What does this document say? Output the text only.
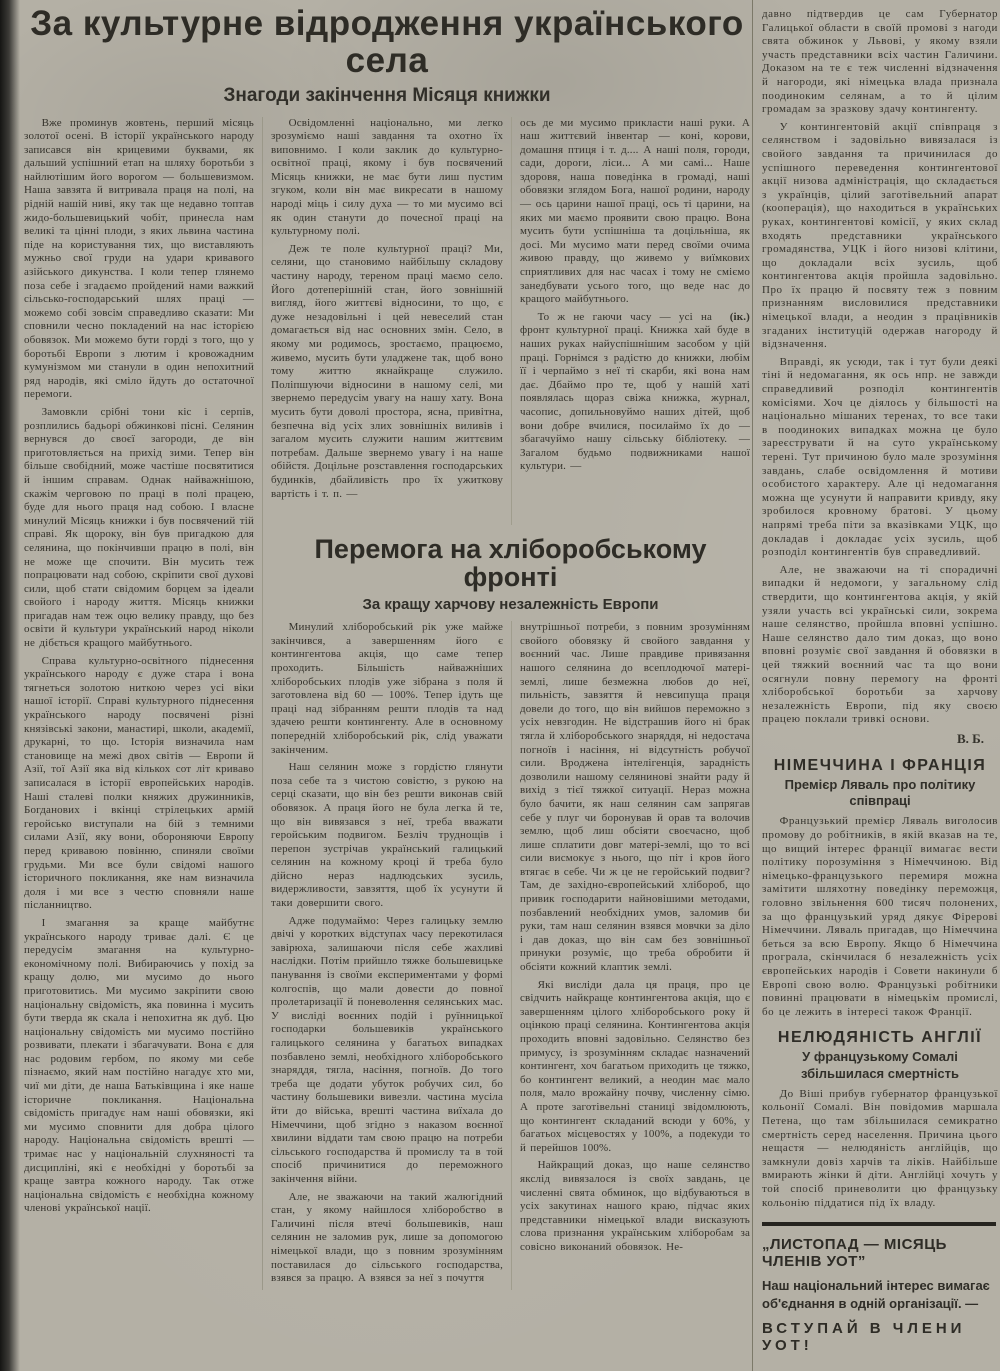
За культурне відродження українського села
Знагоди закінчення Місяця книжки

Вже проминув жовтень, перший місяць золотої осені. В історії українського народу записався він крицевими буквами, як дальший успішний етап на шляху боротьби з найлютішим його ворогом — большевизмом. Наша завзята й витривала праця на полі, на рідній нашій ниві, яку так ще недавно топтав жидо-большевицький чобіт, принесла нам великі та цінні плоди, з яких львина частина піде на користування тих, що виставляють мужньо свої груди на удари кривавого азійського дикунства. І коли тепер глянемо поза себе і згадаємо пройдений нами важкий сільсько-господарський шлях праці — можемо собі зовсім справедливо сказати: Ми сповнили чесно покладений на нас історією обовязок. Ми можемо бути горді з того, що у боротьбі Европи з лютим і кровожадним кумунізмом ми станули в один непохитний ряд народів, які сміло йдуть до остаточної перемоги.

Замовкли срібні тони кіс і серпів, розплились бадьорі обжинкові пісні. Селянин вернувся до своєї загороди, де він приготовляється на прихід зими. Тепер він більше свобідний, може частіше посвятитися й іншим справам. Однак найважнішою, скажім черговою по праці в полі працею, буде для нього праця над собою. І власне минулий Місяць книжки і був посвячений тій справі. Як щороку, він був пригадкою для селянина, що покінчивши працю в полі, він не може ще спочити. Він мусить теж попрацювати над собою, скріпити свої духові сили, щоб стати свідомим борцем за ідеали свойого і народу життя. Місяць книжки пригадав нам теж оцю велику правду, що без освіти й культури український народ ніколи не дібється кращого майбутнього.

Справа культурно-освітного піднесення українського народу є дуже стара і вона тягнеться золотою ниткою через усі віки нашої історії. Справі культурного піднесення українського народу посвячені різні князівські закони, манастирі, школи, академії, друкарні, то що. Історія визначила нам становище на межі двох світів — Европи й Азії, тої Азії яка від кількох сот літ криваво записалася в історії европейських народів. Наші сталеві полки княжих дружинників, Богданових і вкінці стрілецьких армій геройсько виступали на бій з темними силами Азії, яку вони, обороняючи Европу перед кривавою повінню, спиняли своїми грудьми. Ми все були свідомі нашого історичного покликання, яке нам визначила доля і ми все з честю сповняли наше післанництво.

І змагання за краще майбутнє українського народу триває далі. Є це передусім змагання на культурно-економічному полі. Вибираючись у похід за кращу долю, ми мусимо до нього приготовитись. Ми мусимо закріпити свою національну свідомість, яка повинна і мусить бути тверда як скала і непохитна як дуб. Цю національну свідомість ми мусимо постійно розвивати, плекати і збагачувати. Вона є для нас родовим гербом, по якому ми себе пізнаємо, який нам постійно нагадує хто ми, чиї ми діти, де наша Батьківщина і яке наше історичне покликання. Національна свідомість пригадує нам наші обовязки, які ми мусимо сповнити для добра цілого народу. Національна свідомість врешті — тримає нас у національній слухняності та дисципліні, які є необхідні у боротьбі за краще завтра кожного народу. Так отже національна свідомість є необхідна кожному членові української нації.

Освідомленні національно, ми легко зрозуміємо наші завдання та охотно їх виповнимо. І коли заклик до культурно-освітної праці, якому і був посвячений Місяць книжки, не має бути лиш пустим згуком, коли він має викресати в нашому народі міць і силу духа — то ми мусимо всі як один станути до почесної праці на культурному полі.

Деж те поле культурної праці? Ми, селяни, що становимо найбільшу складову частину народу, тереном праці маємо село. Його дотеперішній стан, його зовнішній вигляд, його життєві відносини, то що, є дуже незадовільні і цей невеселий стан домагається від нас основних змін. Село, в якому ми родимось, зростаємо, працюємо, живемо, мусить бути уладжене так, щоб воно тому життю якнайкраще служило. Поліпшуючи відносини в нашому селі, ми звернемо передусім увагу на нашу хату. Вона мусить бути доволі простора, ясна, привітна, безпечна від усіх злих зовнішніх виливів і загалом мусить служити нашим життєвим потребам. Дальше звернемо увагу і на наше обійстя. Доцільне розставлення господарських будинків, дбайливість про їх ужиткову вартість і т. п. —

ось де ми мусимо прикласти наші руки. А наш життєвий інвентар — коні, корови, домашня птиця і т. д.... А наші поля, городи, сади, дороги, ліси... А ми самі... Наше здоровя, наша поведінка в громаді, наші обовязки зглядом Бога, нашої родини, народу — ось царини нашої праці, ось ті царини, на яких ми маємо проявити свою працю. Вона мусить бути успішніша та доцільніша, як досі. Ми мусимо мати перед своїми очима живою правду, що живемо у виїмкових сприятливих для нас часах і тому не сміємо занедбувати усього того, що веде нас до кращого майбутнього.

(ік.)
То ж не гаючи часу — усі на фронт культурної праці. Книжка хай буде в наших руках найуспішнішим засобом у цій праці. Горнімся з радістю до книжки, любім її і черпаймо з неї ті скарби, які вона нам дає. Дбаймо про те, щоб у нашій хаті появлялась щораз свіжа книжка, журнал, часопис, допильновуймо наших дітей, щоб вони добре вчилися, посилаймо їх до — збагачуймо нашу сільську бібліотеку. — Загалом будьмо подвижниками нашої культури. —

Перемога на хліборобському фронті
За кращу харчову незалежність Европи

Минулий хліборобський рік уже майже закінчився, а завершенням його є контингентова акція, що саме тепер проходить. Більшість найважніших хліборобських плодів уже зібрана з поля й заготовлена від 60 — 100%. Тепер ідуть ще праці над зібранням решти плодів та над здачею решти контингенту. Але в основному попередній хліборобський рік, слід уважати закінченим.

Наш селянин може з гордістю глянути поза себе та з чистою совістю, з рукою на серці сказати, що він без решти виконав свій обовязок. А праця його не була легка й те, що він вивязався з неї, треба вважати геройським подвигом. Безліч труднощів і перепон зустрічав український галицький селянин на кожному кроці й треба було дійсно нераз надлюдських зусиль, видержливости, завзяття, щоб їх усунути й таки довершити свого.

Адже подумаймо: Через галицьку землю двічі у коротких відступах часу перекотилася завірюха, залишаючи після себе жахливі наслідки. Потім прийшло тяжке большевицьке панування із своїми експериментами у формі колгоспів, що мали довести до повної пролетаризації й поневолення селянських мас. У висліді воєнних подій і руїнницької господарки большевиків українського галицького селянина у багатьох випадках позбавлено землі, необхідного хліборобського знаряддя, тягла, насіння, погноїв. До того треба ще додати убуток робучих сил, бо частину большевики вивезли. частина мусіла йти до війська, врешті частина виїхала до Німеччини, щоб згідно з наказом воєнної хвилини віддати там свою працю на потреби сільського господарства й промислу та в той спосіб причинитися до переможного закінчення війни.

Але, не зважаючи на такий жалюгідний стан, у якому найшлося хліборобство в Галичині після втечі большевиків, наш селянин не заломив рук, лише за допомогою німецької влади, що з повним зрозумінням поставилася до сільського господарства, взявся за працю. А взявся за неї з почуття

внутрішньої потреби, з повним зрозумінням свойого обовязку й свойого завдання у воєнний час. Лише правдиве привязання нашого селянина до всеплодючої матері-землі, лише безмежна любов до неї, пильність, завзяття й невсипуща праця довели до того, що він вийшов переможно з усіх невзгодин. Не відстрашив його ні брак тягла й хліборобського знаряддя, ні недостача погноїв і насіння, ні відсутність робучої сили. Вроджена інтелігенція, зарадність дозволили нашому селянинові знайти раду й вихід з тієї тяжкої ситуації. Нераз можна було бачити, як наш селянин сам запрягав себе у плуг чи боронував й орав та волочив землю, щоб лиш обсіяти своєчасно, щоб лише сплатити довг матері-землі, що то всі сили висмокує з нього, що піт і кров його втягає в себе. Чи ж це не геройський подвиг? Там, де західно-європейський хлібороб, що привик господарити найновішими методами, позбавлений необхідних умов, заломив би руки, там наш селянин взявся мовчки за діло і дав доказ, що він сам без зовнішньої принуки розуміє, що треба обробити й обсіяти кожний клаптик землі.

Які висліди дала ця праця, про це свідчить найкраще контингентова акція, що є завершенням цілого хліборобського року й оцінкою праці селянина. Контингентова акція проходить вповні задовільно. Селянство без примусу, із зрозумінням складає назначений контингент, хоч багатьом приходить це тяжко, бо контингент великий, а неодин має мало поля, мало врожайну почву, численну сімю. А проте заготівельні станиці звідомлюють, що контингент складаний всюди у 60%, у багатьох місцевостях у 100%, а подекуди то й перейшов 100%.

Найкращий доказ, що наше селянство якслід вивязалося із своїх завдань, це численні свята обминок, що відбуваються в усіх закутинах нашого краю, підчас яких представники німецької влади висказують слова признання українським хліборобам за совісно виконаний обовязок. Не-

давно підтвердив це сам Губернатор Галицької области в своїй промові з нагоди свята обжинок у Львові, у якому взяли участь представники всіх частин Галичини. Доказом на те є теж численні відзначення й нагороди, які німецька влада признала поодиноким селянам, а то й цілим громадам за зразкову здачу контингенту.

У контингентовій акції співпраця з селянством і задовільно вивязалася із свойого завдання та причинилася до успішного переведення контингентової акції низова адміністрація, що складається з українців, цілий заготівельний апарат (кооперація), що находиться в українських руках, контингентові комісії, у яких склад входять представники українського громадянства, УЦК і його низові клітини, що докладали всіх зусиль, щоб контингентова акція пройшла задовільно. Про їх працю й посвяту теж з повним признанням висловилися представники німецької влади, а неодин з працівників згаданих інституцій одержав нагороду й відзначення.

Вправді, як усюди, так і тут були деякі тіні й недомагання, як ось нпр. не завжди справедливий розподіл контингентів комісіями. Хоч це діялось у більшості на національно мішаних теренах, то все таки в поодиноких випадках можна це було зареєструвати й на суто українському терені. Тут причиною було мале зрозуміння завдань, слабе освідомлення й мотиви особистого характеру. Але ці недомагання можна ще усунути й направити кривду, яку зробилося кровному братові. У цьому напрямі треба піти за вказівками УЦК, що докладав і докладає усіх зусиль, щоб розподіл контингентів був справедливий.

Але, не зважаючи на ті спорадичні випадки й недомоги, у загальному слід ствердити, що контингентова акція, у якій узяли участь всі українські сили, зокрема наше селянство, пройшла вповні успішно. Наше селянство дало тим доказ, що воно вповні розуміє свої завдання й обовязки в цей тяжкий воєнний час та що вони осягнули повну перемогу на фронті хліборобської боротьби за харчову незалежність Европи, під яку своєю працею поклали тривкі основи.

В. Б.
НІМЕЧЧИНА І ФРАНЦІЯ
Премієр Ляваль про політику співпраці

Французький премієр Ляваль виголосив промову до робітників, в якій вказав на те, що вищий інтерес франції вимагає вести політику порозуміння з Німеччиною. Від німецько-французького перемиря можна замітити шляхотну поведінку переможця, головно звільнення 600 тисяч полонених, за що французький уряд дякує Фірерові Німеччини. Ляваль пригадав, що Німеччина беться за всю Европу. Якщо б Німеччина програла, скінчилася б незалежність усіх європейських народів і Совети накинули б Европі свою волю. Французькі робітники повинні працювати в німецькім промислі, бо це лежить в інтересі також Франції.

НЕЛЮДЯНІСТЬ АНГЛІЇ
У французькому Сомалі збільшилася смертність

До Віші прибув губернатор французької кольонії Сомалі. Він повідомив маршала Петена, що там збільшилася семикратно смертність серед населення. Причина цього нещастя — нелюдяність англійців, що замкнули довіз харчів та ліків. Найбільше вмирають жінки й діти. Англійці хочуть у той спосіб приневолити цю французьку кольонію піддатися під їх владу.

„ЛИСТОПАД — МІСЯЦЬ ЧЛЕНІВ УОТ”
Наш національний інтерес вимагає об'єднання в одній організації. —
ВСТУПАЙ В ЧЛЕНИ УОТ!
